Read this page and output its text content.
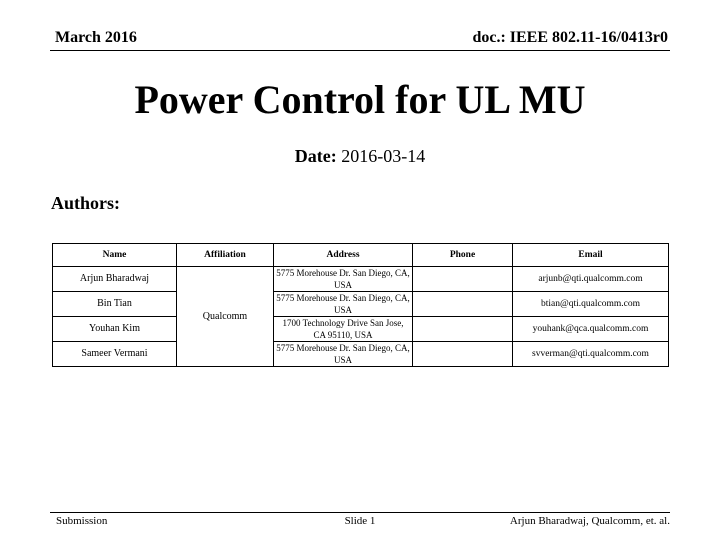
March 2016	doc.: IEEE 802.11-16/0413r0
Power Control for UL MU
Date: 2016-03-14
Authors:
Name	Affiliation	Address	Phone	Email
Arjun Bharadwaj	Qualcomm	5775 Morehouse Dr. San Diego, CA, USA		arjunb@qti.qualcomm.com
Bin Tian		5775 Morehouse Dr. San Diego, CA, USA		btian@qti.qualcomm.com
Youhan Kim		1700 Technology Drive San Jose, CA 95110, USA		youhank@qca.qualcomm.com
Sameer Vermani		5775 Morehouse Dr. San Diego, CA, USA		svverman@qti.qualcomm.com
Submission	Slide 1	Arjun Bharadwaj, Qualcomm, et. al.
